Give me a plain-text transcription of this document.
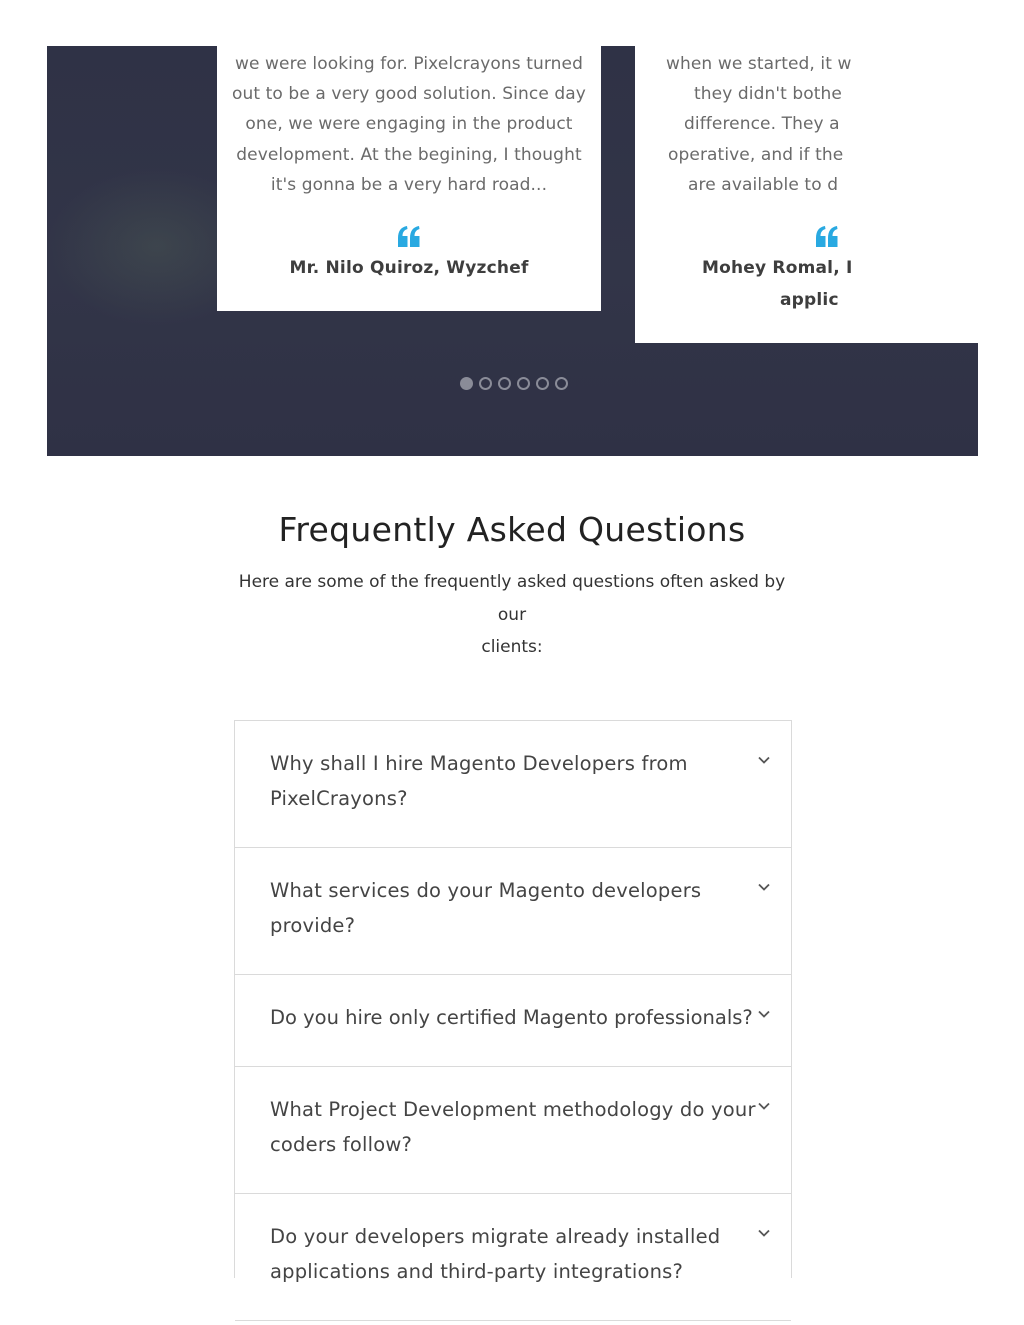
we were looking for. Pixelcrayons turned
out to be a very good solution. Since day
one, we were engaging in the product
development. At the begining, I thought
it's gonna be a very hard road...
Mr. Nilo Quiroz, Wyzchef
when we started, it w
they didn't bothe
difference. They a
operative, and if the
are available to d
Mohey Romal, I
applic
Frequently Asked Questions

Here are some of the frequently asked questions often asked by our
clients:

Why shall I hire Magento Developers from
PixelCrayons?
What services do your Magento developers
provide?
Do you hire only certified Magento professionals?
What Project Development methodology do your
coders follow?
Do your developers migrate already installed
applications and third-party integrations?
